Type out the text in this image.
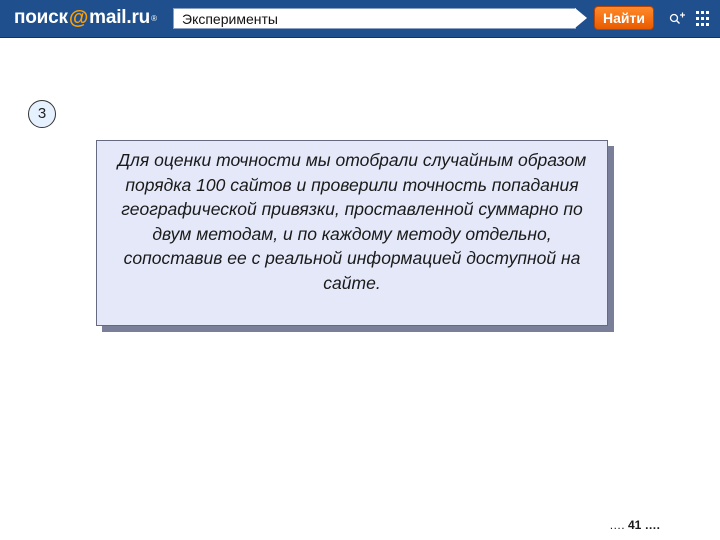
поиск @ mail.ru ® Эксперименты	Найти
3
Для оценки точности мы отобрали случайным образом порядка 100 сайтов и проверили точность попадания географической привязки, проставленной суммарно по двум методам, и по каждому методу отдельно, сопоставив ее с реальной информацией доступной на сайте.
…. 41 ….
